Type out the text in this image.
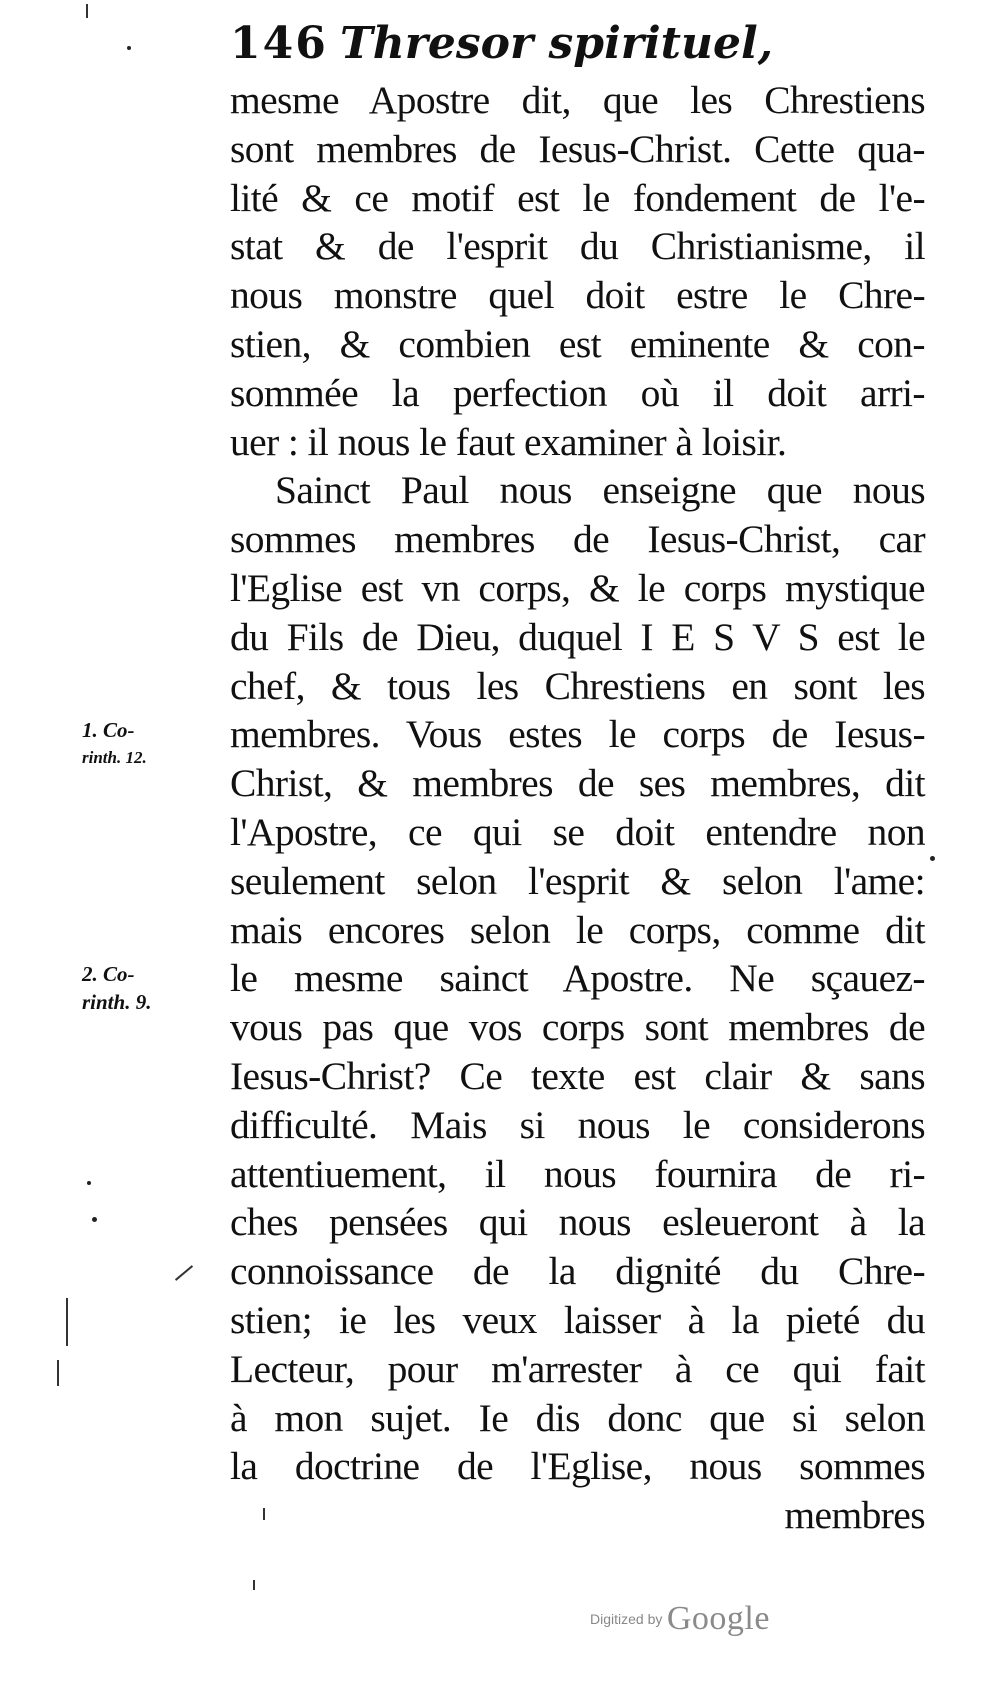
146 Thresor spirituel,
mesme Apostre dit, que les Chrestiens
sont membres de Iesus-Christ. Cette qua-
lité & ce motif est le fondement de l'e-
stat & de l'esprit du Christianisme, il
nous monstre quel doit estre le Chre-
stien, & combien est eminente & con-
sommée la perfection où il doit arri-
uer : il nous le faut examiner à loisir.
Sainct Paul nous enseigne que nous
sommes membres de Iesus-Christ, car
l'Eglise est vn corps, & le corps mystique
du Fils de Dieu, duquel I E S V S est le
chef, & tous les Chrestiens en sont les
membres. Vous estes le corps de Iesus-
Christ, & membres de ses membres, dit
l'Apostre, ce qui se doit entendre non
seulement selon l'esprit & selon l'ame:
mais encores selon le corps, comme dit
le mesme sainct Apostre. Ne sçauez-
vous pas que vos corps sont membres de
Iesus-Christ? Ce texte est clair & sans
difficulté. Mais si nous le considerons
attentiuement, il nous fournira de ri-
ches pensées qui nous esleueront à la
connoissance de la dignité du Chre-
stien; ie les veux laisser à la pieté du
Lecteur, pour m'arrester à ce qui fait
à mon sujet. Ie dis donc que si selon
la doctrine de l'Eglise, nous sommes
membres
1. Co-
rinth. 12.
2. Co-
rinth. 9.
Digitized by Google
